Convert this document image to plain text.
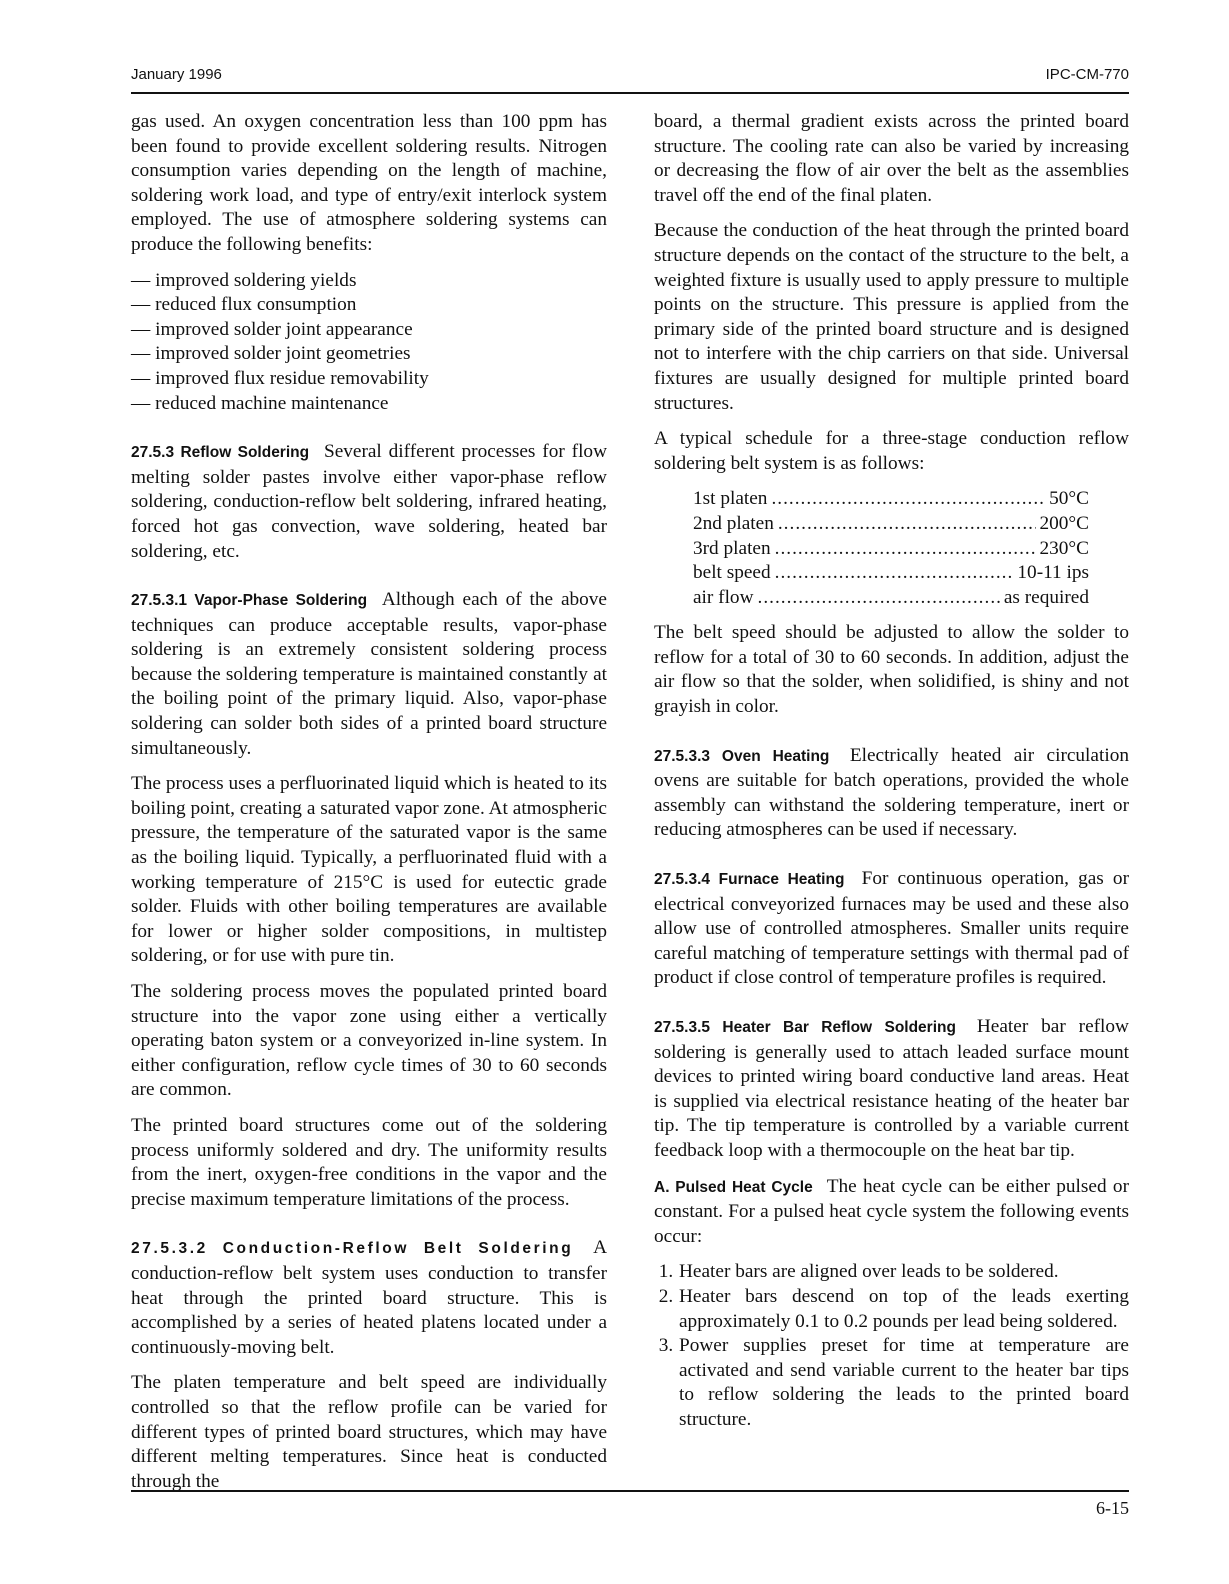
January 1996	IPC-CM-770

gas used. An oxygen concentration less than 100 ppm has been found to provide excellent soldering results. Nitrogen consumption varies depending on the length of machine, soldering work load, and type of entry/exit interlock system employed. The use of atmosphere soldering systems can produce the following benefits:

— improved soldering yields
— reduced flux consumption
— improved solder joint appearance
— improved solder joint geometries
— improved flux residue removability
— reduced machine maintenance

27.5.3 Reflow Soldering Several different processes for flow melting solder pastes involve either vapor-phase reflow soldering, conduction-reflow belt soldering, infrared heating, forced hot gas convection, wave soldering, heated bar soldering, etc.

27.5.3.1 Vapor-Phase Soldering Although each of the above techniques can produce acceptable results, vapor-phase soldering is an extremely consistent soldering process because the soldering temperature is maintained constantly at the boiling point of the primary liquid. Also, vapor-phase soldering can solder both sides of a printed board structure simultaneously.

The process uses a perfluorinated liquid which is heated to its boiling point, creating a saturated vapor zone. At atmospheric pressure, the temperature of the saturated vapor is the same as the boiling liquid. Typically, a perfluorinated fluid with a working temperature of 215°C is used for eutectic grade solder. Fluids with other boiling temperatures are available for lower or higher solder compositions, in multistep soldering, or for use with pure tin.

The soldering process moves the populated printed board structure into the vapor zone using either a vertically operating baton system or a conveyorized in-line system. In either configuration, reflow cycle times of 30 to 60 seconds are common.

The printed board structures come out of the soldering process uniformly soldered and dry. The uniformity results from the inert, oxygen-free conditions in the vapor and the precise maximum temperature limitations of the process.

27.5.3.2 Conduction-Reflow Belt Soldering A conduction-reflow belt system uses conduction to transfer heat through the printed board structure. This is accomplished by a series of heated platens located under a continuously-moving belt.

The platen temperature and belt speed are individually controlled so that the reflow profile can be varied for different types of printed board structures, which may have different melting temperatures. Since heat is conducted through the

board, a thermal gradient exists across the printed board structure. The cooling rate can also be varied by increasing or decreasing the flow of air over the belt as the assemblies travel off the end of the final platen.

Because the conduction of the heat through the printed board structure depends on the contact of the structure to the belt, a weighted fixture is usually used to apply pressure to multiple points on the structure. This pressure is applied from the primary side of the printed board structure and is designed not to interfere with the chip carriers on that side. Universal fixtures are usually designed for multiple printed board structures.

A typical schedule for a three-stage conduction reflow soldering belt system is as follows:

1st platen .....	50°C
2nd platen .....	200°C
3rd platen .....	230°C
belt speed .....	10-11 ips
air flow .....	as required

The belt speed should be adjusted to allow the solder to reflow for a total of 30 to 60 seconds. In addition, adjust the air flow so that the solder, when solidified, is shiny and not grayish in color.

27.5.3.3 Oven Heating Electrically heated air circulation ovens are suitable for batch operations, provided the whole assembly can withstand the soldering temperature, inert or reducing atmospheres can be used if necessary.

27.5.3.4 Furnace Heating For continuous operation, gas or electrical conveyorized furnaces may be used and these also allow use of controlled atmospheres. Smaller units require careful matching of temperature settings with thermal pad of product if close control of temperature profiles is required.

27.5.3.5 Heater Bar Reflow Soldering Heater bar reflow soldering is generally used to attach leaded surface mount devices to printed wiring board conductive land areas. Heat is supplied via electrical resistance heating of the heater bar tip. The tip temperature is controlled by a variable current feedback loop with a thermocouple on the heat bar tip.

A. Pulsed Heat Cycle The heat cycle can be either pulsed or constant. For a pulsed heat cycle system the following events occur:

1. Heater bars are aligned over leads to be soldered.
2. Heater bars descend on top of the leads exerting approximately 0.1 to 0.2 pounds per lead being soldered.
3. Power supplies preset for time at temperature are activated and send variable current to the heater bar tips to reflow soldering the leads to the printed board structure.
6-15
